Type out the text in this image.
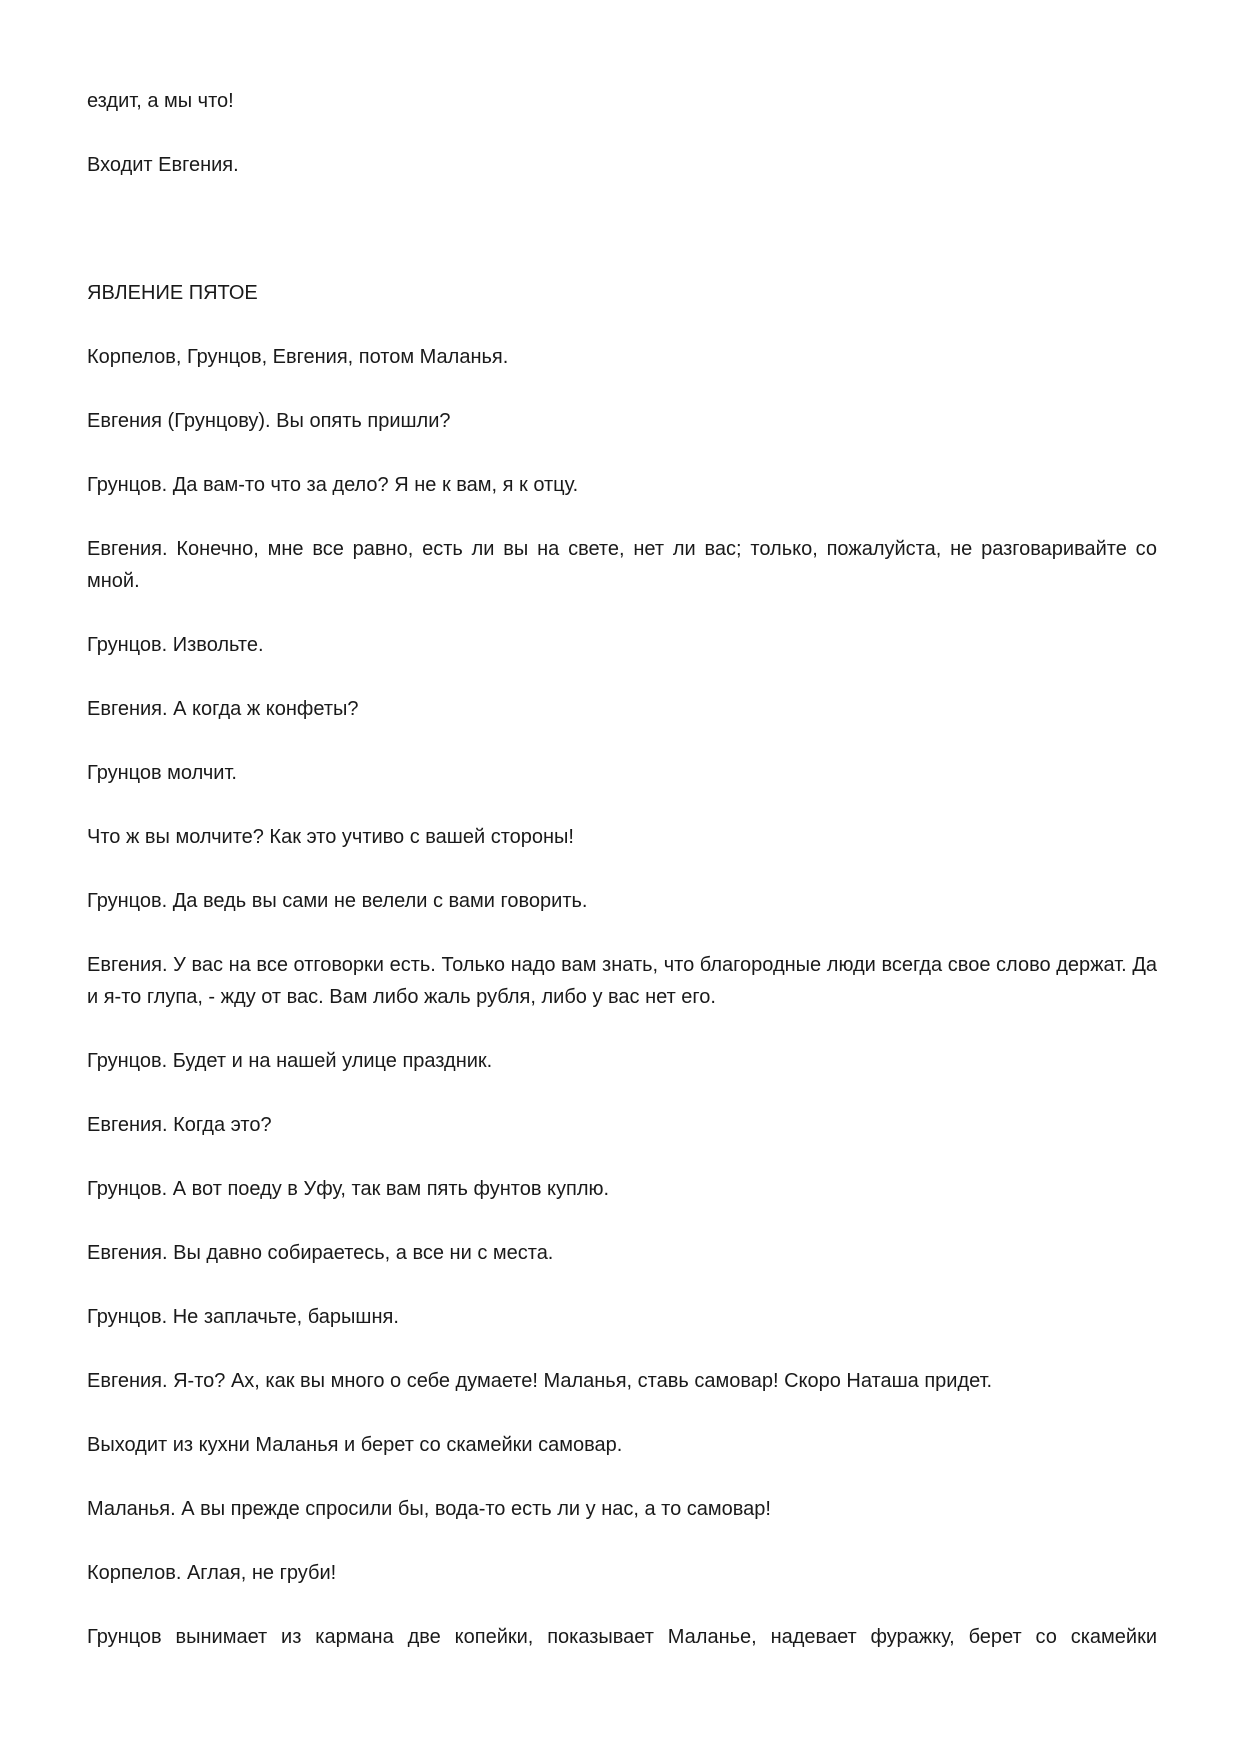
ездит, а мы что!

Входит Евгения.

ЯВЛЕНИЕ ПЯТОЕ

Корпелов, Грунцов, Евгения, потом Маланья.

Евгения (Грунцову). Вы опять пришли?

Грунцов. Да вам-то что за дело? Я не к вам, я к отцу.

Евгения. Конечно, мне все равно, есть ли вы на свете, нет ли вас; только, пожалуйста, не разговаривайте со мной.

Грунцов. Извольте.

Евгения. А когда ж конфеты?

Грунцов молчит.

Что ж вы молчите? Как это учтиво с вашей стороны!

Грунцов. Да ведь вы сами не велели с вами говорить.

Евгения. У вас на все отговорки есть. Только надо вам знать, что благородные люди всегда свое слово держат. Да и я-то глупа, - жду от вас. Вам либо жаль рубля, либо у вас нет его.

Грунцов. Будет и на нашей улице праздник.

Евгения. Когда это?

Грунцов. А вот поеду в Уфу, так вам пять фунтов куплю.

Евгения. Вы давно собираетесь, а все ни с места.

Грунцов. Не заплачьте, барышня.

Евгения. Я-то? Ах, как вы много о себе думаете! Маланья, ставь самовар! Скоро Наташа придет.

Выходит из кухни Маланья и берет со скамейки самовар.

Маланья. А вы прежде спросили бы, вода-то есть ли у нас, а то самовар!

Корпелов. Аглая, не груби!

Грунцов вынимает из кармана две копейки, показывает Маланье, надевает фуражку, берет со скамейки
